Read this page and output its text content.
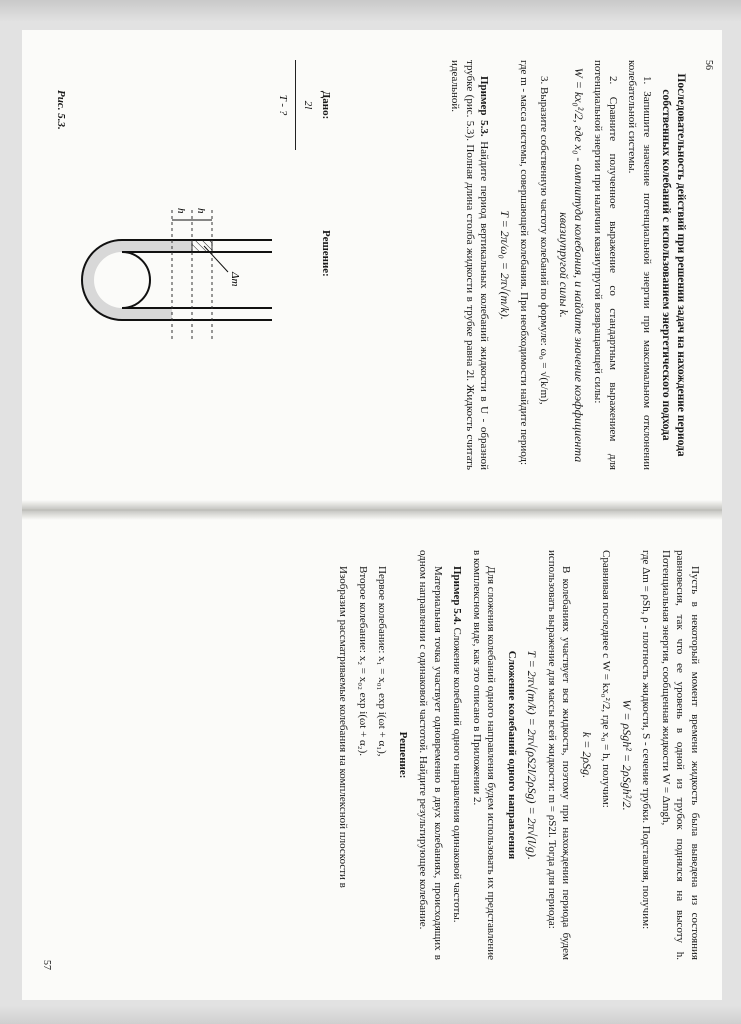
56

Последовательность действий при решении задач на нахождение периода собственных колебаний с использованием энергетического подхода

1. Запишите значение потенциальной энергии при максимальном отклонении колебательной системы.

2. Сравните полученное выражение со стандартным выражением для потенциальной энергии при наличии квазиупругой возвращающей силы:

W = kx₀²/2, где x₀ - амплитуда колебания, и найдите значение коэффициента квазиупругой силы k.

3. Выразите собственную частоту колебаний по формуле: ω₀ = √(k/m),

где m - масса системы, совершающей колебания. При необходимости найдите период:

T = 2π/ω₀ = 2π√(m/k).

Пример 5.3. Найдите период вертикальных колебаний жидкости в U - образной трубке (рис. 5.3). Полная длина столба жидкости в трубке равна 2l. Жидкость считать идеальной.

Решение:
Дано:
2l
T - ?
h
h
Δm
Рис. 5.3.

Пусть в некоторый момент времени жидкость была выведена из состояния равновесия, так что ее уровень в одной из трубок поднялся на высоту h. Потенциальная энергия, сообщенная жидкости W = Δmgh,

где Δm = ρSh, ρ - плотность жидкости, S - сечение трубки. Подставляя, получим:

W = ρSgh² = 2ρSgh²/2.

Сравнивая последнее с W = kx₀²/2, где x₀ = h, получим:

k = 2ρSg.

В колебаниях участвует вся жидкость, поэтому при нахождении периода будем использовать выражение для массы всей жидкости: m = ρS2l. Тогда для периода:

T = 2π√(m/k) = 2π√(ρS2l/2ρSg) = 2π√(l/g).

Сложение колебаний одного направления

Для сложения колебаний одного направления будем использовать их представление в комплексном виде, как это описано в Приложении 2.

Пример 5.4. Сложение колебаний одного направления одинаковой частоты.

Материальная точка участвует одновременно в двух колебаниях, происходящих в одном направлении с одинаковой частотой. Найдите результирующее колебание.

Решение:

Первое колебание: x₁ = x₀₁ exp i(ωt + α₁),

Второе колебание: x₂ = x₀₂ exp i(ωt + α₂).

Изобразим рассматриваемые колебания на комплексной плоскости в

57
